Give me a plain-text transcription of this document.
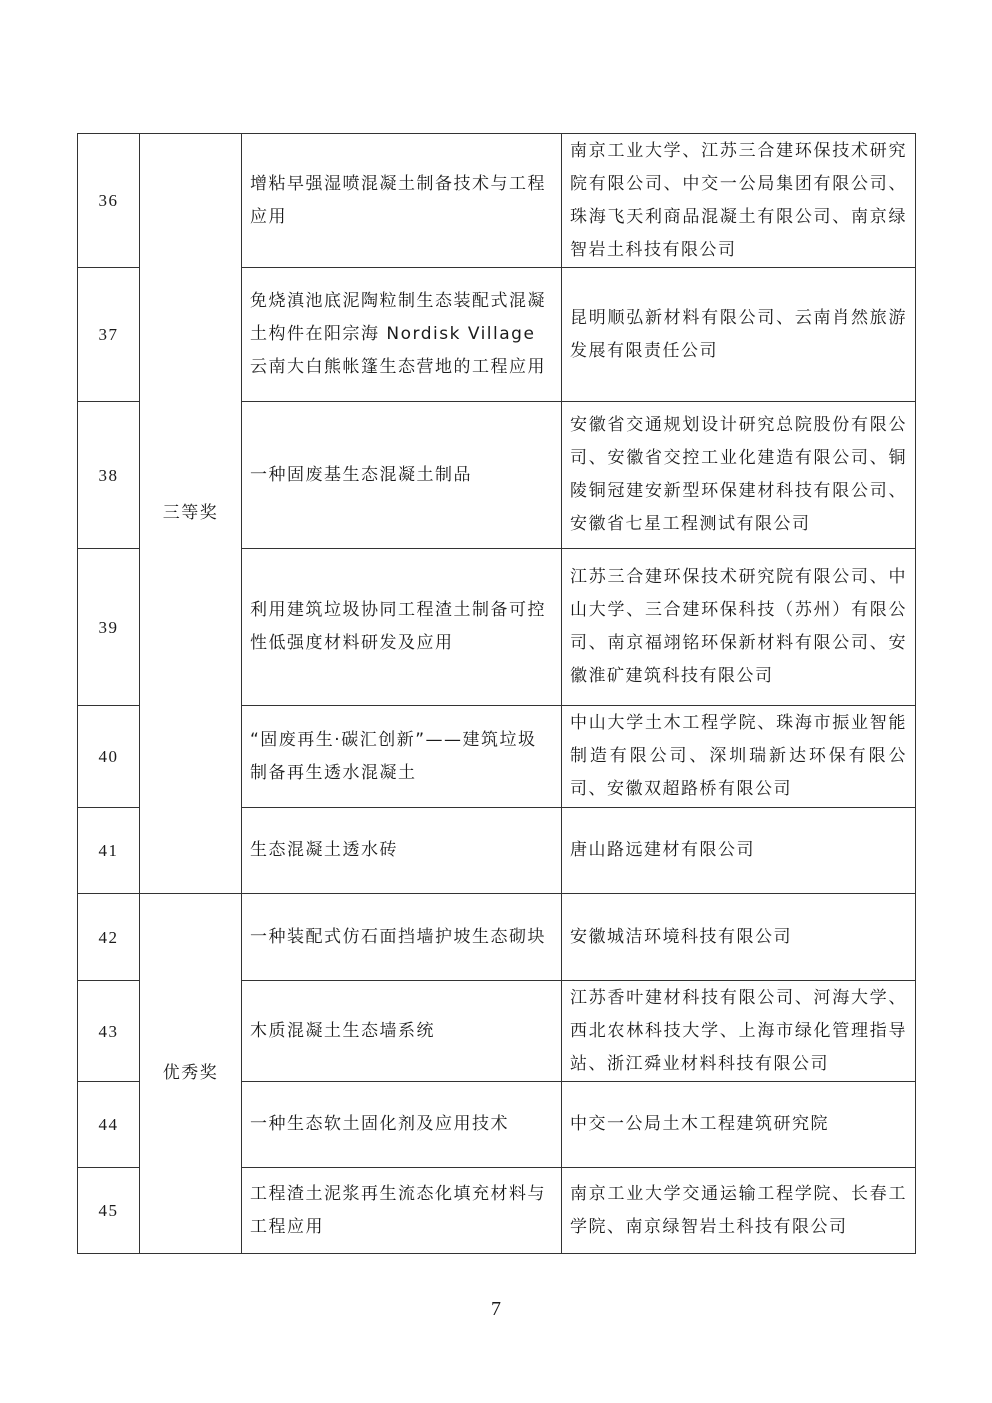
36	三等奖	增粘早强湿喷混凝土制备技术与工程应用	南京工业大学、江苏三合建环保技术研究院有限公司、中交一公局集团有限公司、珠海飞天利商品混凝土有限公司、南京绿智岩土科技有限公司
37		免烧滇池底泥陶粒制生态装配式混凝土构件在阳宗海 Nordisk Village 云南大白熊帐篷生态营地的工程应用	昆明顺弘新材料有限公司、云南肖然旅游发展有限责任公司
38		一种固废基生态混凝土制品	安徽省交通规划设计研究总院股份有限公司、安徽省交控工业化建造有限公司、铜陵铜冠建安新型环保建材科技有限公司、安徽省七星工程测试有限公司
39		利用建筑垃圾协同工程渣土制备可控性低强度材料研发及应用	江苏三合建环保技术研究院有限公司、中山大学、三合建环保科技（苏州）有限公司、南京福翊铭环保新材料有限公司、安徽淮矿建筑科技有限公司
40		“固废再生·碳汇创新”——建筑垃圾制备再生透水混凝土	中山大学土木工程学院、珠海市振业智能制造有限公司、深圳瑞新达环保有限公司、安徽双超路桥有限公司
41		生态混凝土透水砖	唐山路远建材有限公司
42	优秀奖	一种装配式仿石面挡墙护坡生态砌块	安徽城洁环境科技有限公司
43		木质混凝土生态墙系统	江苏香叶建材科技有限公司、河海大学、西北农林科技大学、上海市绿化管理指导站、浙江舜业材料科技有限公司
44		一种生态软土固化剂及应用技术	中交一公局土木工程建筑研究院
45		工程渣土泥浆再生流态化填充材料与工程应用	南京工业大学交通运输工程学院、长春工学院、南京绿智岩土科技有限公司
7
